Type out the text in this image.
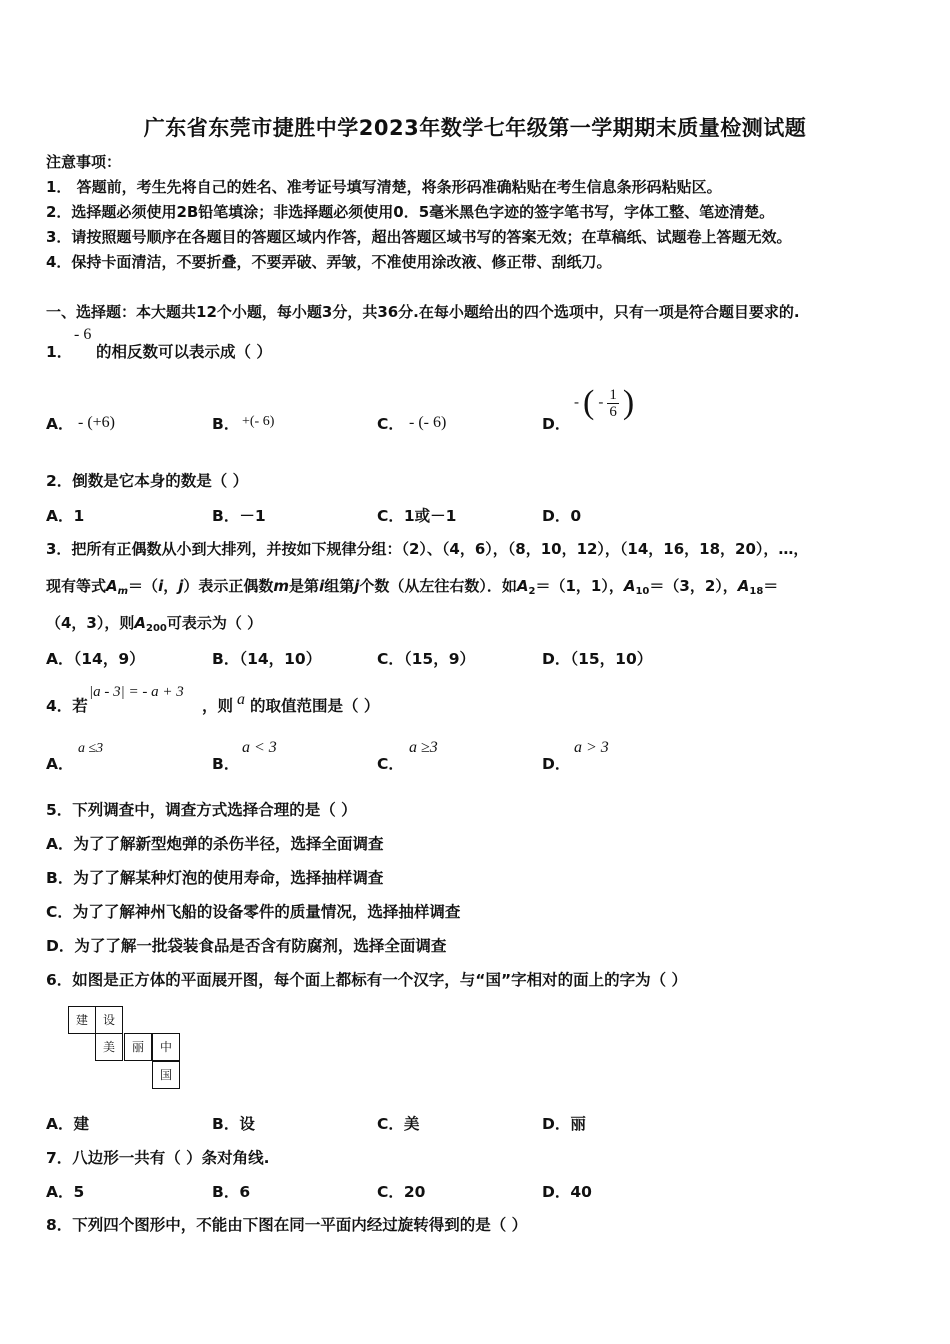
广东省东莞市捷胜中学2023年数学七年级第一学期期末质量检测试题
注意事项：
1． 答题前，考生先将自己的姓名、准考证号填写清楚，将条形码准确粘贴在考生信息条形码粘贴区。
2．选择题必须使用2B铅笔填涂；非选择题必须使用0．5毫米黑色字迹的签字笔书写，字体工整、笔迹清楚。
3．请按照题号顺序在各题目的答题区域内作答，超出答题区域书写的答案无效；在草稿纸、试题卷上答题无效。
4．保持卡面清洁，不要折叠，不要弄破、弄皱，不准使用涂改液、修正带、刮纸刀。
一、选择题：本大题共12个小题，每小题3分，共36分.在每小题给出的四个选项中，只有一项是符合题目要求的.
1．
- 6
的相反数可以表示成（ ）
A． - (+6)	B． +(- 6)	C． - (- 6)	D．
- ( - $\frac{1}{6}$ )
2．倒数是它本身的数是（ ）
A．1	B．－1	C．1或－1	D．0
3．把所有正偶数从小到大排列，并按如下规律分组：（2）、（4，6），（8，10，12），（14，16，18，20），…，
现有等式$A_m=(i$，j）表示正偶数m是第i组第j个数（从左往右数）．如$A_2=(1$，1），$A_{10}=(3$，2），$A_{18}=$
（4，3），则$A_{200}$可表示为（ ）
A．（14，9）	B．（14，10）	C．（15，9）	D．（15，10）
4．若
|a - 3| = - a + 3
，则 a 的取值范围是（ ）
A．
a ≤3
B．
a < 3
C．
a ≥3
D．
a > 3
5．下列调查中，调查方式选择合理的是（ ）
A．为了了解新型炮弹的杀伤半径，选择全面调查
B．为了了解某种灯泡的使用寿命，选择抽样调查
C．为了了解神州飞船的设备零件的质量情况，选择抽样调查
D．为了了解一批袋装食品是否含有防腐剂，选择全面调查
6．如图是正方体的平面展开图，每个面上都标有一个汉字，与“国”字相对的面上的字为（ ）
建	设
美	丽	中
国
A．建	B．设	C．美	D．丽
7．八边形一共有（ ）条对角线.
A．5	B．6	C．20	D．40
8．下列四个图形中，不能由下图在同一平面内经过旋转得到的是（ ）
